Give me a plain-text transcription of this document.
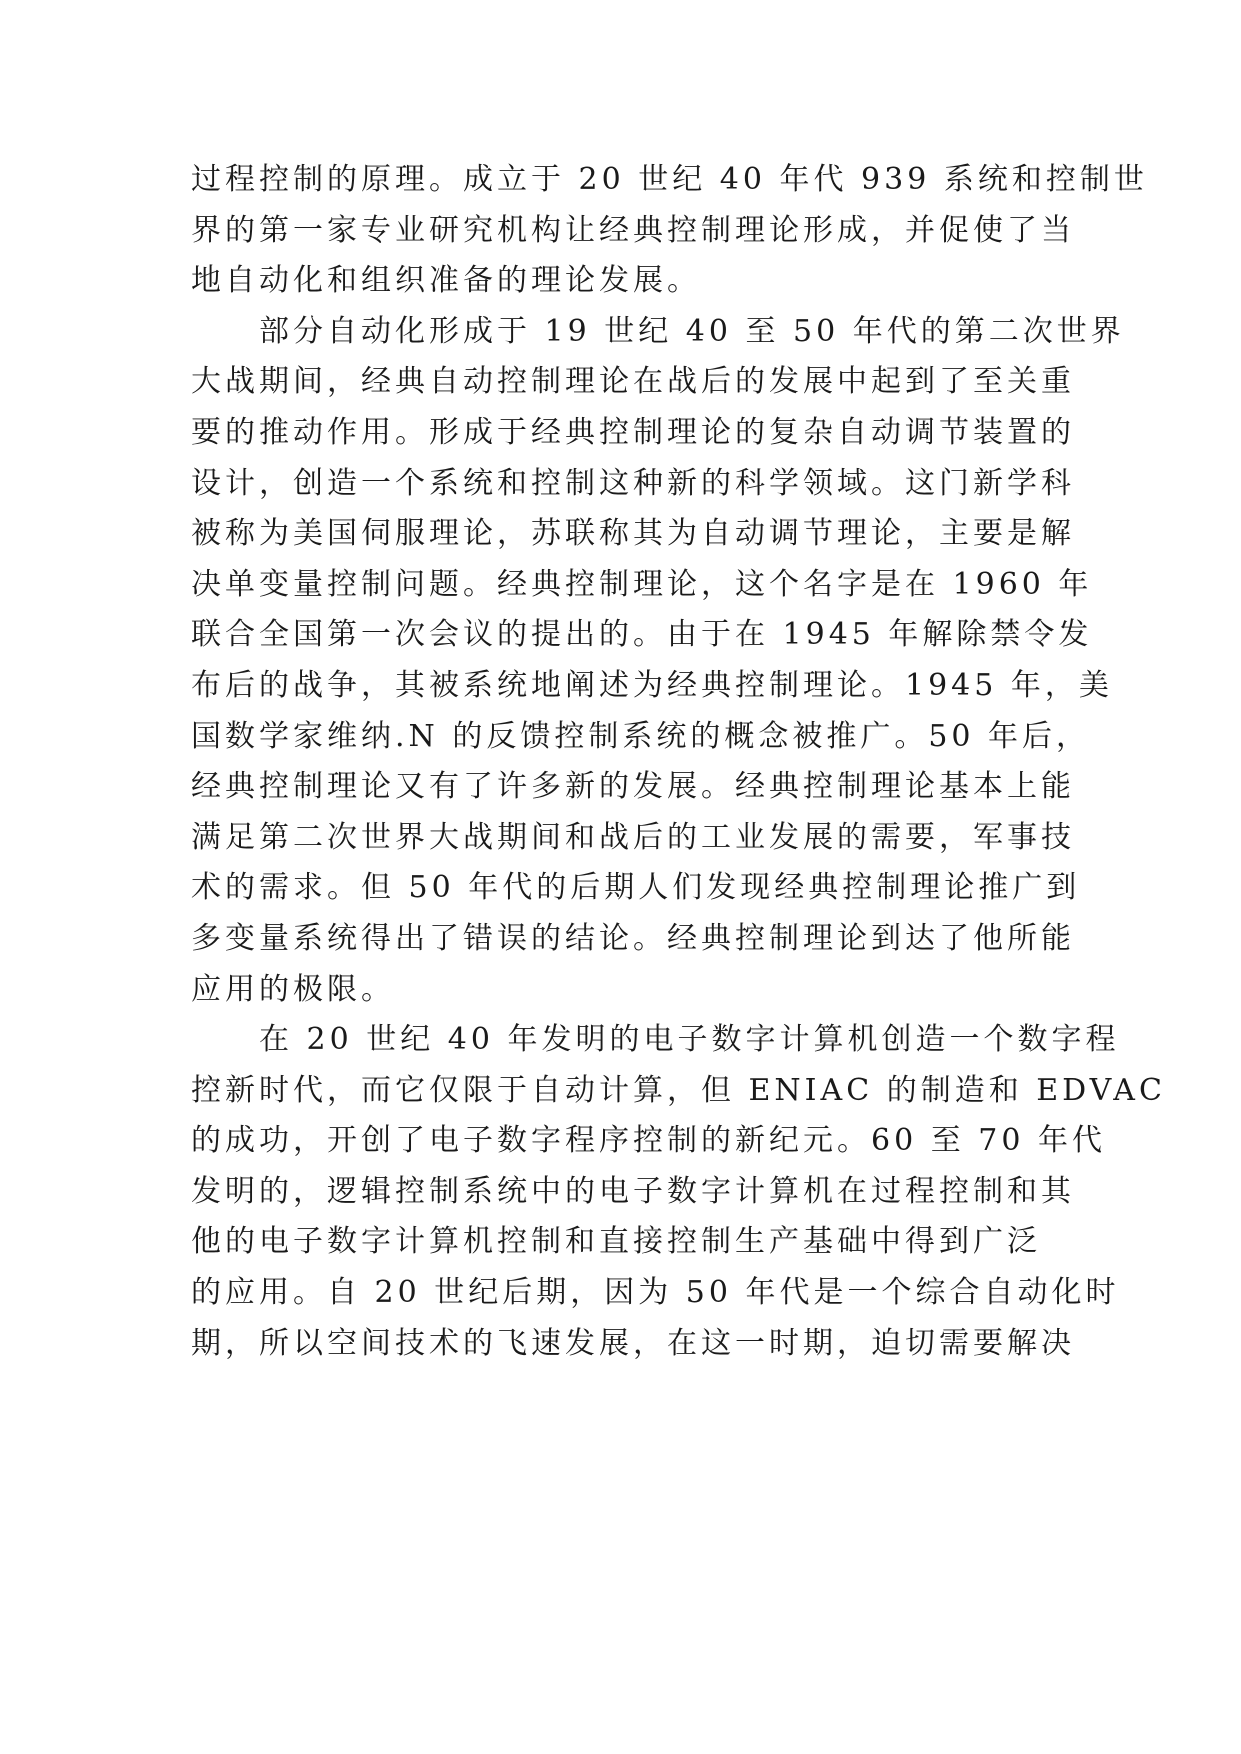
过程控制的原理。成立于 20 世纪 40 年代 939 系统和控制世
界的第一家专业研究机构让经典控制理论形成，并促使了当
地自动化和组织准备的理论发展。
部分自动化形成于 19 世纪 40 至 50 年代的第二次世界
大战期间，经典自动控制理论在战后的发展中起到了至关重
要的推动作用。形成于经典控制理论的复杂自动调节装置的
设计，创造一个系统和控制这种新的科学领域。这门新学科
被称为美国伺服理论，苏联称其为自动调节理论，主要是解
决单变量控制问题。经典控制理论，这个名字是在 1960 年
联合全国第一次会议的提出的。由于在 1945 年解除禁令发
布后的战争，其被系统地阐述为经典控制理论。1945 年，美
国数学家维纳.N 的反馈控制系统的概念被推广。50 年后，
经典控制理论又有了许多新的发展。经典控制理论基本上能
满足第二次世界大战期间和战后的工业发展的需要，军事技
术的需求。但 50 年代的后期人们发现经典控制理论推广到
多变量系统得出了错误的结论。经典控制理论到达了他所能
应用的极限。
在 20 世纪 40 年发明的电子数字计算机创造一个数字程
控新时代，而它仅限于自动计算，但 ENIAC 的制造和 EDVAC
的成功，开创了电子数字程序控制的新纪元。60 至 70 年代
发明的，逻辑控制系统中的电子数字计算机在过程控制和其
他的电子数字计算机控制和直接控制生产基础中得到广泛
的应用。自 20 世纪后期，因为 50 年代是一个综合自动化时
期，所以空间技术的飞速发展，在这一时期，迫切需要解决
